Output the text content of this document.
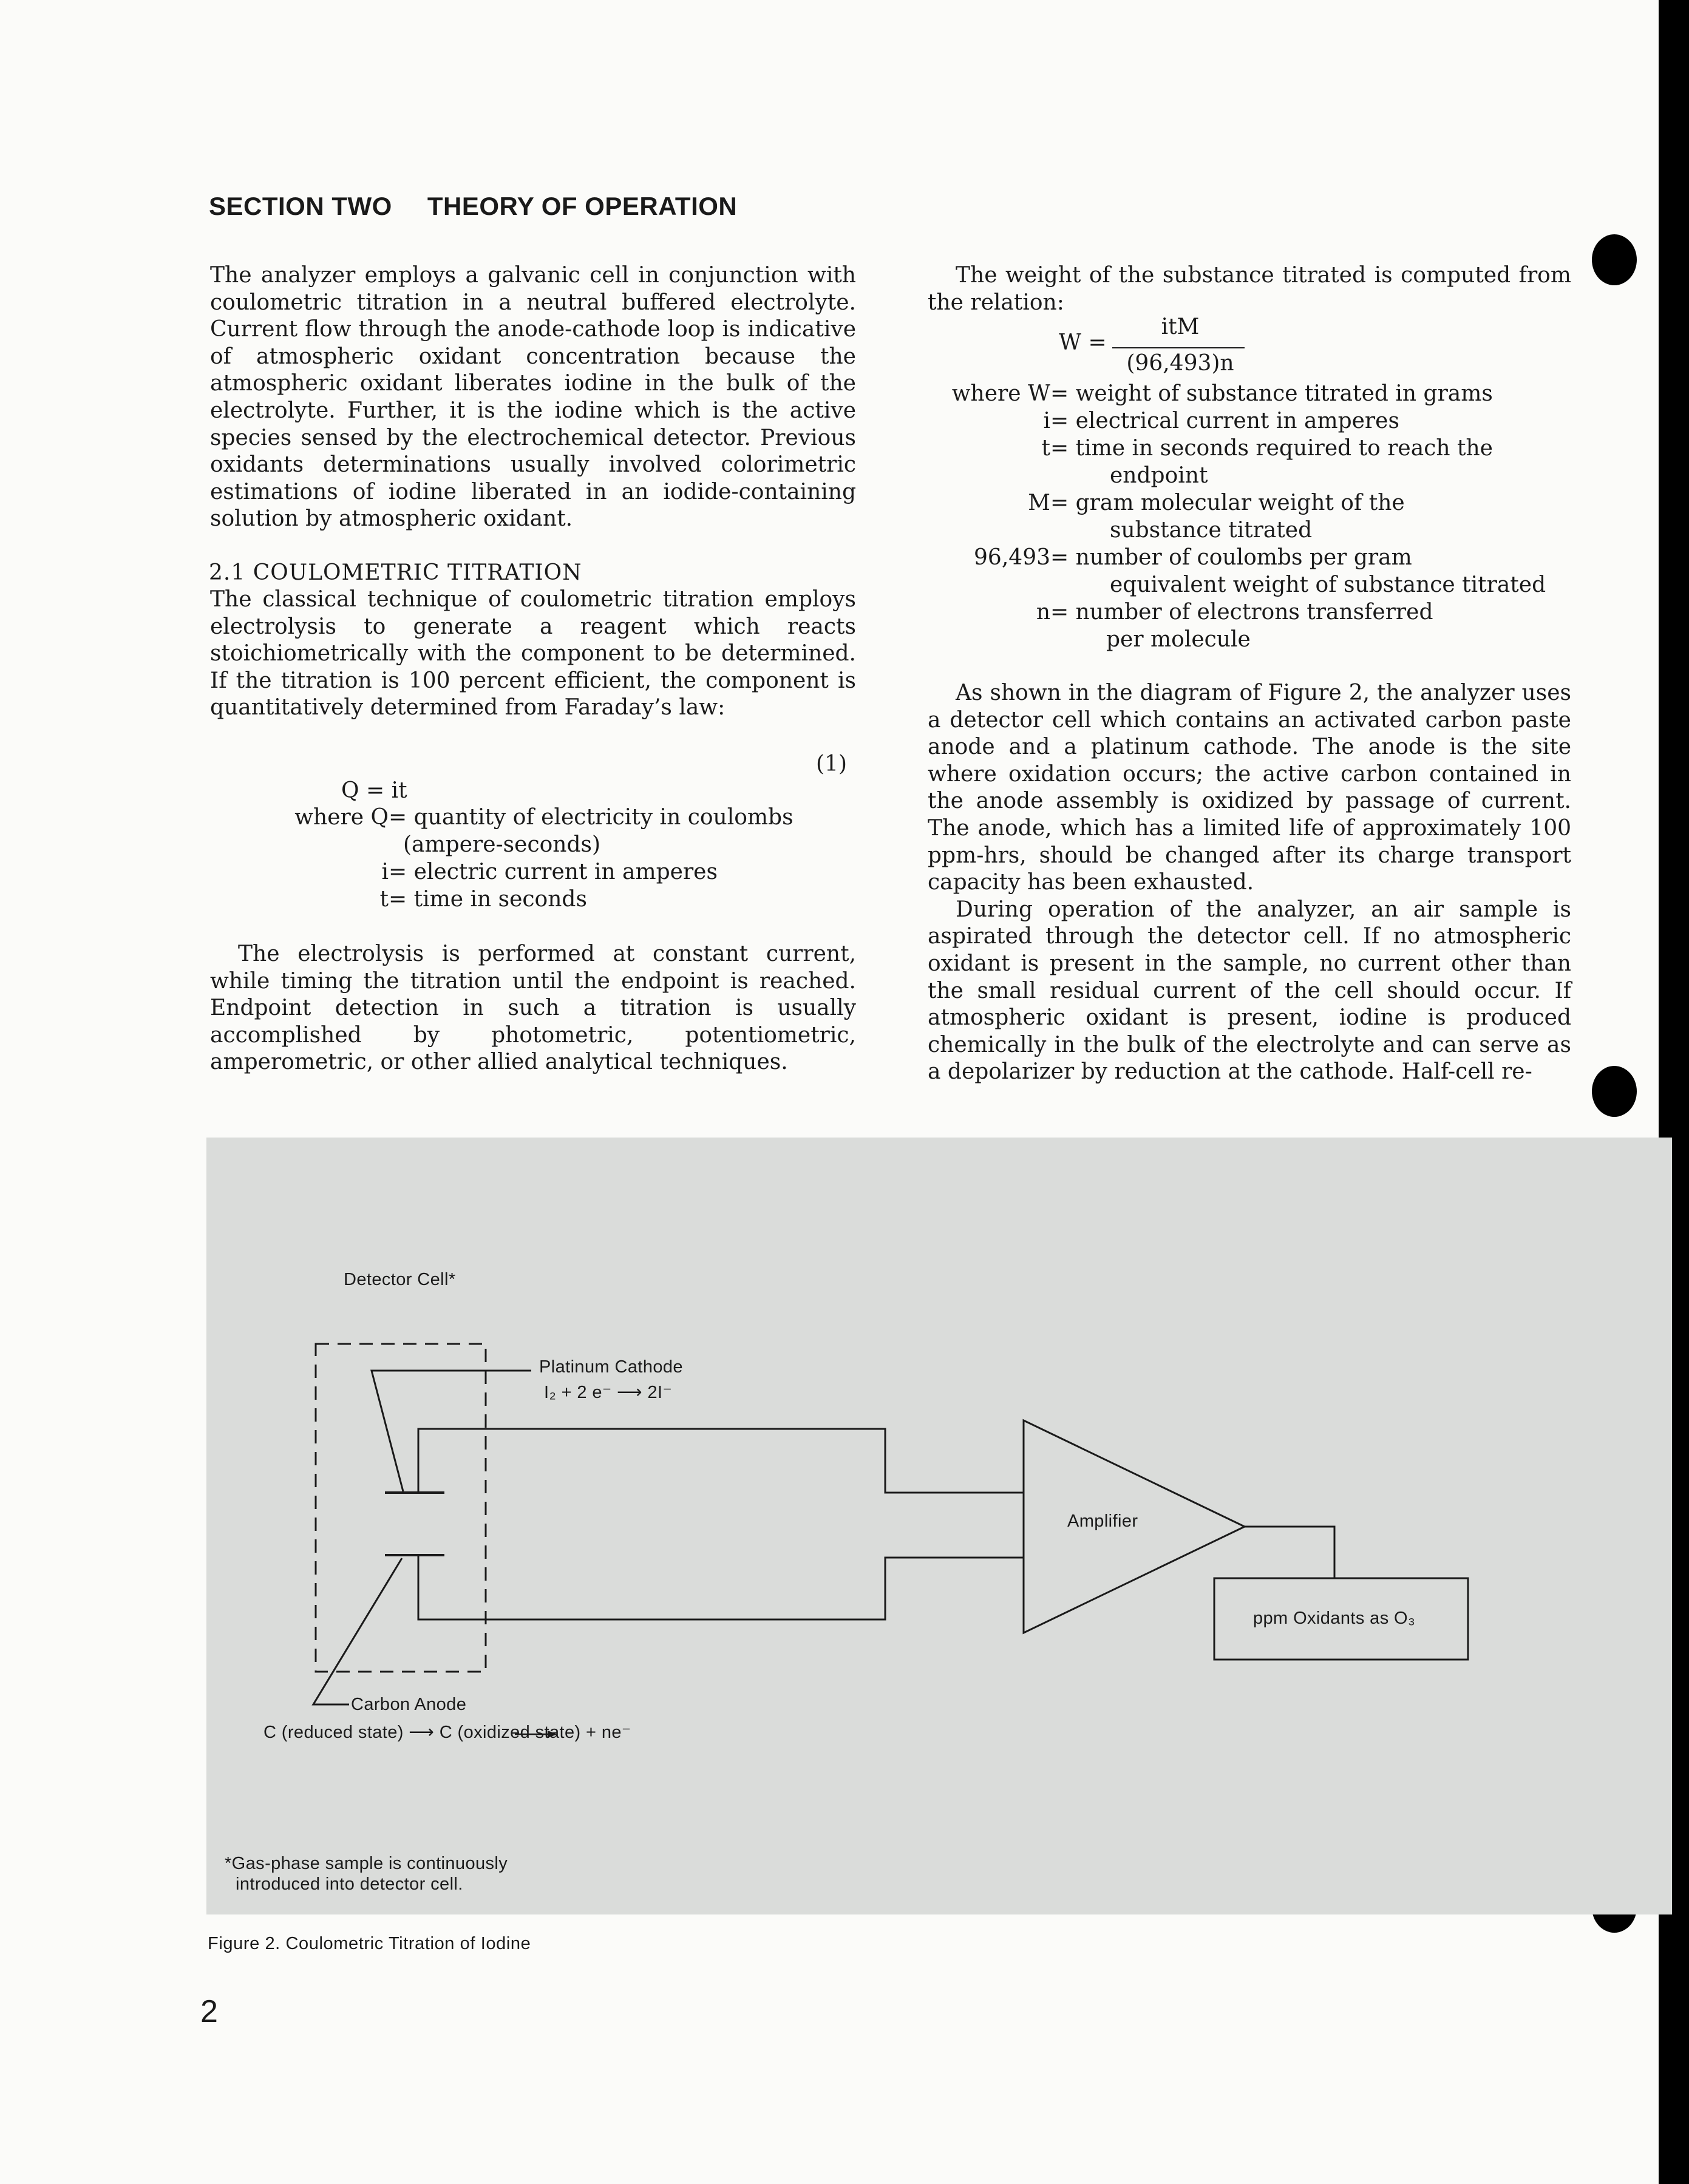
SECTION TWO THEORY OF OPERATION

The analyzer employs a galvanic cell in conjunction with coulometric titration in a neutral buffered electrolyte. Current flow through the anode-cathode loop is indicative of atmospheric oxidant concentration because the atmospheric oxidant liberates iodine in the bulk of the electrolyte. Further, it is the iodine which is the active species sensed by the electrochemical detector. Previous oxidants determinations usually involved colorimetric estimations of iodine liberated in an iodide-containing solution by atmospheric oxidant.

2.1 COULOMETRIC TITRATION

The classical technique of coulometric titration employs electrolysis to generate a reagent which reacts stoichiometrically with the component to be determined. If the titration is 100 percent efficient, the component is quantitatively determined from Faraday’s law:

(1)
Q = it
where Q = quantity of electricity in coulombs
(ampere-seconds)
i = electric current in amperes
t = time in seconds

The electrolysis is performed at constant current, while timing the titration until the endpoint is reached. Endpoint detection in such a titration is usually accomplished by photometric, potentiometric, amperometric, or other allied analytical techniques.

The weight of the substance titrated is computed from the relation:

W =
itM
(96,493)n
where W = weight of substance titrated in grams
i = electrical current in amperes
t = time in seconds required to reach the
endpoint
M = gram molecular weight of the
substance titrated
96,493 = number of coulombs per gram
equivalent weight of substance titrated
n = number of electrons transferred
per molecule

As shown in the diagram of Figure 2, the analyzer uses a detector cell which contains an activated carbon paste anode and a platinum cathode. The anode is the site where oxidation occurs; the active carbon contained in the anode assembly is oxidized by passage of current. The anode, which has a limited life of approximately 100 ppm-hrs, should be changed after its charge transport capacity has been exhausted.

During operation of the analyzer, an air sample is aspirated through the detector cell. If no atmospheric oxidant is present in the sample, no current other than the small residual current of the cell should occur. If atmospheric oxidant is present, iodine is produced chemically in the bulk of the electrolyte and can serve as a depolarizer by reduction at the cathode. Half-cell re-

Detector Cell*
Platinum Cathode
I₂ + 2 e⁻ ⟶ 2I⁻
Amplifier
ppm Oxidants as O₃
Carbon Anode
C (reduced state) ⟶ C (oxidized state) + ne⁻
*Gas-phase sample is continuously
introduced into detector cell.
Figure 2. Coulometric Titration of Iodine
2
